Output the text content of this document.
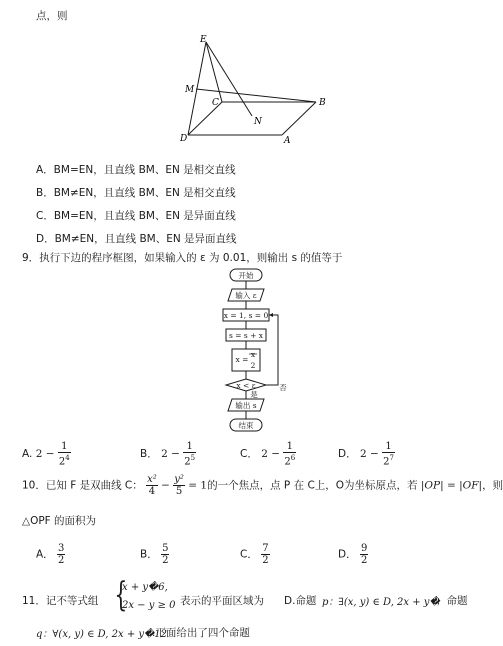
点，则
E
M
C	B
N
D	A
A．BM=EN，且直线 BM、EN 是相交直线
B．BM≠EN，且直线 BM、EN 是相交直线
C．BM=EN，且直线 BM、EN 是异面直线
D．BM≠EN，且直线 BM、EN 是异面直线
9．执行下边的程序框图，如果输入的 ε 为 0.01，则输出 s 的值等于
开始
输入 ε
x = 1, s = 0
s = s + x
x =
x
2
x < ε	否
是
输出 s
结束
A. $2 - \frac{1}{2^4}$	B． $2 - \frac{1}{2^5}$	C． $2 - \frac{1}{2^6}$	D． $2 - \frac{1}{2^7}$
10．已知 F 是双曲线 C： $\frac{\text{x²}}{4} - \frac{\text{y²}}{5} = 1$的一个焦点，点 P 在 C上，O为坐标原点，若 |OP| = |OF|，则
△OPF 的面积为
A． $\frac{3}{2}$	B． $\frac{5}{2}$	C． $\frac{7}{2}$	D． $\frac{9}{2}$
11．记不等式组 {
x + y�6,
2x − y ≥ 0 表示的平面区域为 D.命题 p：∃(x, y) ∈ D, 2x + y�
；命题
q：∀(x, y) ∈ D, 2x + y�12
.下面给出了四个命题
